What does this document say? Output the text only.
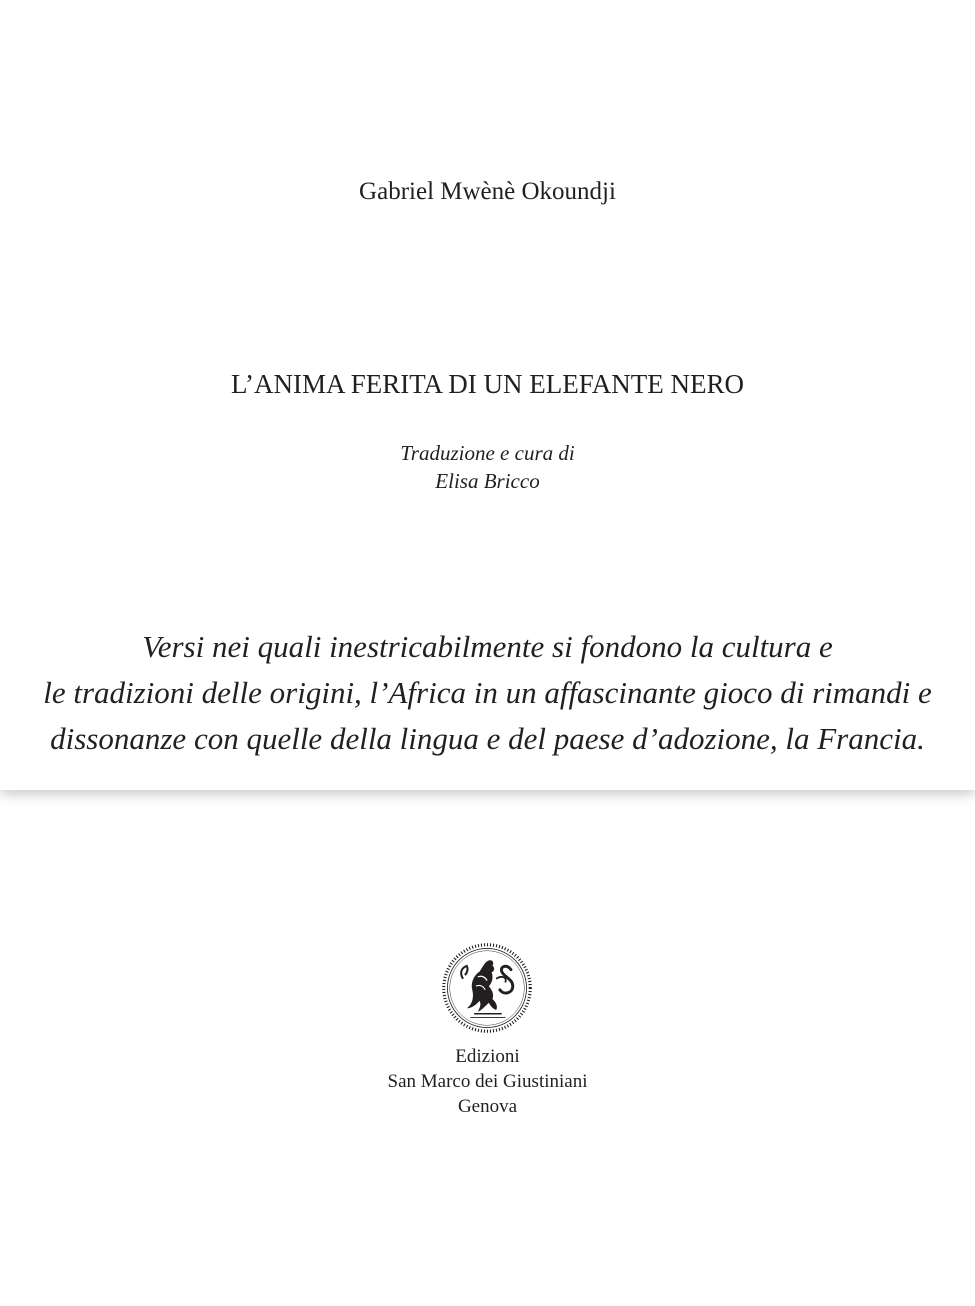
Gabriel Mwènè Okoundji

L’ANIMA FERITA DI UN ELEFANTE NERO
Traduzione e cura di
Elisa Bricco
Versi nei quali inestricabilmente si fondono la cultura e
le tradizioni delle origini, l’Africa in un affascinante gioco di rimandi e
dissonanze con quelle della lingua e del paese d’adozione, la Francia.
Edizioni
San Marco dei Giustiniani
Genova
